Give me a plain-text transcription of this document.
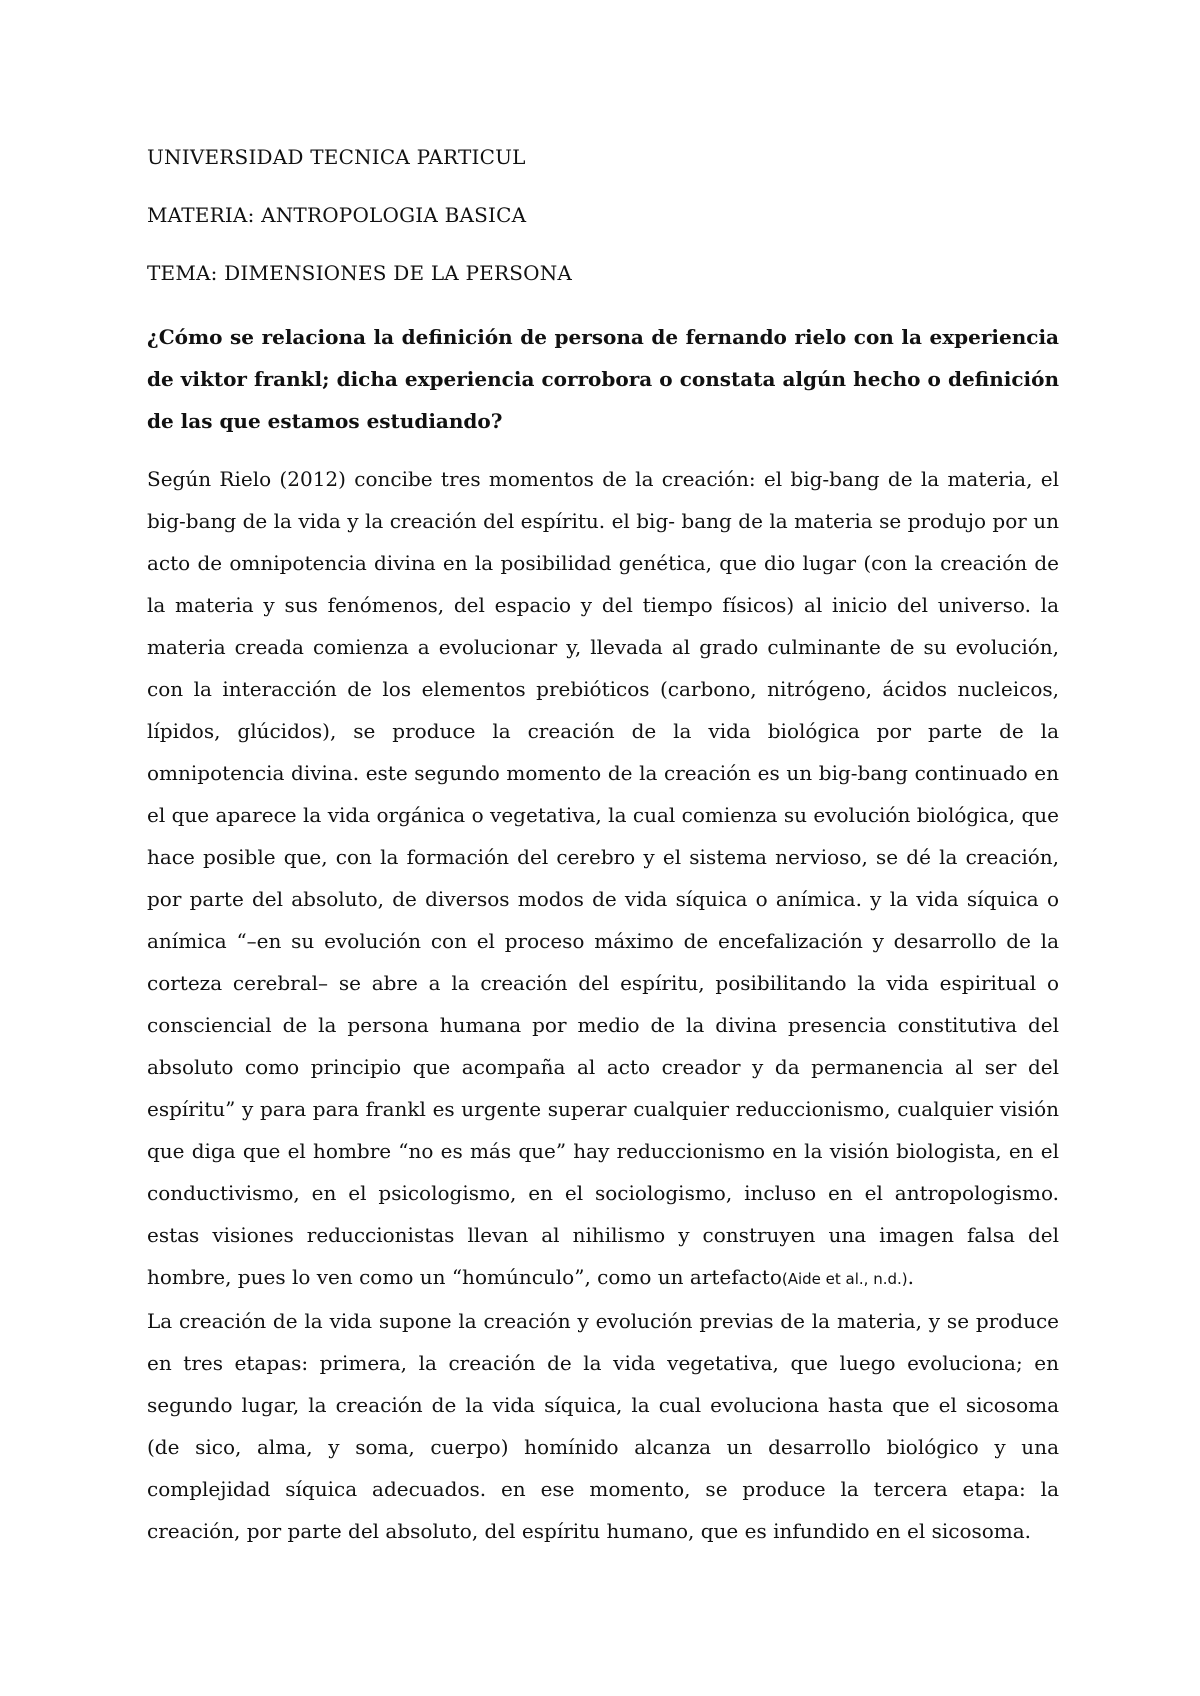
UNIVERSIDAD TECNICA PARTICUL

MATERIA: ANTROPOLOGIA BASICA

TEMA: DIMENSIONES DE LA PERSONA

¿Cómo se relaciona la definición de persona de fernando rielo con la experiencia de viktor frankl; dicha experiencia corrobora o constata algún hecho o definición de las que estamos estudiando?

Según Rielo (2012) concibe tres momentos de la creación: el big-bang de la materia, el big-bang de la vida y la creación del espíritu. el big- bang de la materia se produjo por un acto de omnipotencia divina en la posibilidad genética, que dio lugar (con la creación de la materia y sus fenómenos, del espacio y del tiempo físicos) al inicio del universo. la materia creada comienza a evolucionar y, llevada al grado culminante de su evolución, con la interacción de los elementos prebióticos (carbono, nitrógeno, ácidos nucleicos, lípidos, glúcidos), se produce la creación de la vida biológica por parte de la omnipotencia divina. este segundo momento de la creación es un big-bang continuado en el que aparece la vida orgánica o vegetativa, la cual comienza su evolución biológica, que hace posible que, con la formación del cerebro y el sistema nervioso, se dé la creación, por parte del absoluto, de diversos modos de vida síquica o anímica. y la vida síquica o anímica “–en su evolución con el proceso máximo de encefalización y desarrollo de la corteza cerebral– se abre a la creación del espíritu, posibilitando la vida espiritual o consciencial de la persona humana por medio de la divina presencia constitutiva del absoluto como principio que acompaña al acto creador y da permanencia al ser del espíritu” y para para frankl es urgente superar cualquier reduccionismo, cualquier visión que diga que el hombre “no es más que” hay reduccionismo en la visión biologista, en el conductivismo, en el psicologismo, en el sociologismo, incluso en el antropologismo. estas visiones reduccionistas llevan al nihilismo y construyen una imagen falsa del hombre, pues lo ven como un “homúnculo”, como un artefacto(Aide et al., n.d.).

La creación de la vida supone la creación y evolución previas de la materia, y se produce en tres etapas: primera, la creación de la vida vegetativa, que luego evoluciona; en segundo lugar, la creación de la vida síquica, la cual evoluciona hasta que el sicosoma (de sico, alma, y soma, cuerpo) homínido alcanza un desarrollo biológico y una complejidad síquica adecuados. en ese momento, se produce la tercera etapa: la creación, por parte del absoluto, del espíritu humano, que es infundido en el sicosoma.
